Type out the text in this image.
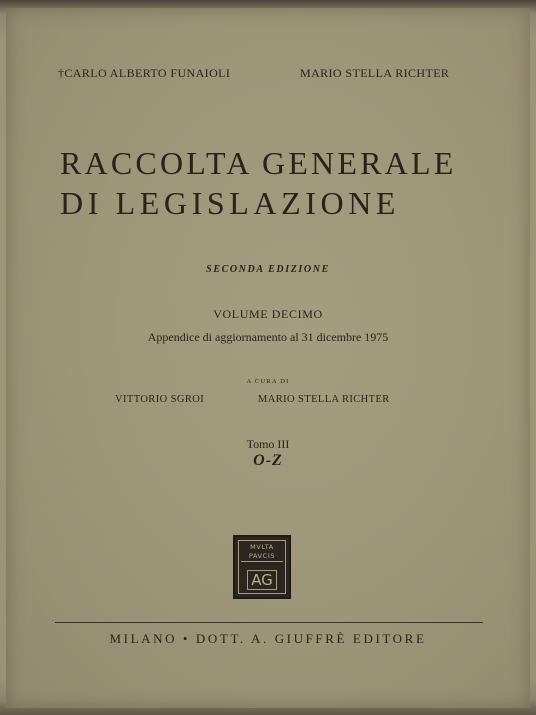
†CARLO ALBERTO FUNAIOLI	MARIO STELLA RICHTER
RACCOLTA GENERALE
DI LEGISLAZIONE
SECONDA EDIZIONE
VOLUME DECIMO
Appendice di aggiornamento al 31 dicembre 1975
A CURA DI
VITTORIO SGROI	MARIO STELLA RICHTER
Tomo III
O-Z
MVLTA
PAVCIS
AG
MILANO • DOTT. A. GIUFFRÈ EDITORE
